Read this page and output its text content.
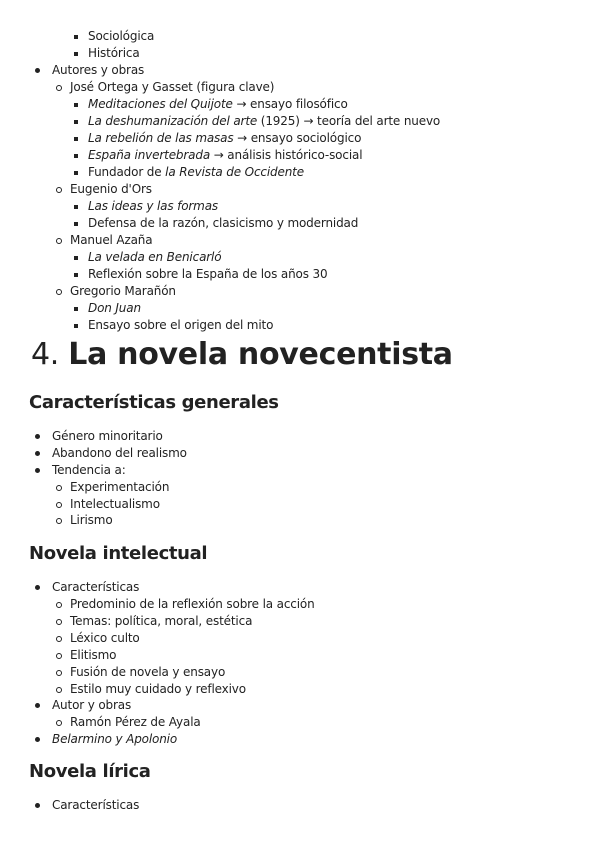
Sociológica
Histórica
Autores y obras
José Ortega y Gasset (figura clave)
Meditaciones del Quijote → ensayo filosófico
La deshumanización del arte (1925) → teoría del arte nuevo
La rebelión de las masas → ensayo sociológico
España invertebrada → análisis histórico-social
Fundador de la Revista de Occidente
Eugenio d'Ors
Las ideas y las formas
Defensa de la razón, clasicismo y modernidad
Manuel Azaña
La velada en Benicarló
Reflexión sobre la España de los años 30
Gregorio Marañón
Don Juan
Ensayo sobre el origen del mito
4. La novela novecentista
Características generales
Género minoritario
Abandono del realismo
Tendencia a:
Experimentación
Intelectualismo
Lirismo
Novela intelectual
Características
Predominio de la reflexión sobre la acción
Temas: política, moral, estética
Léxico culto
Elitismo
Fusión de novela y ensayo
Estilo muy cuidado y reflexivo
Autor y obras
Ramón Pérez de Ayala
Belarmino y Apolonio
Novela lírica
Características
